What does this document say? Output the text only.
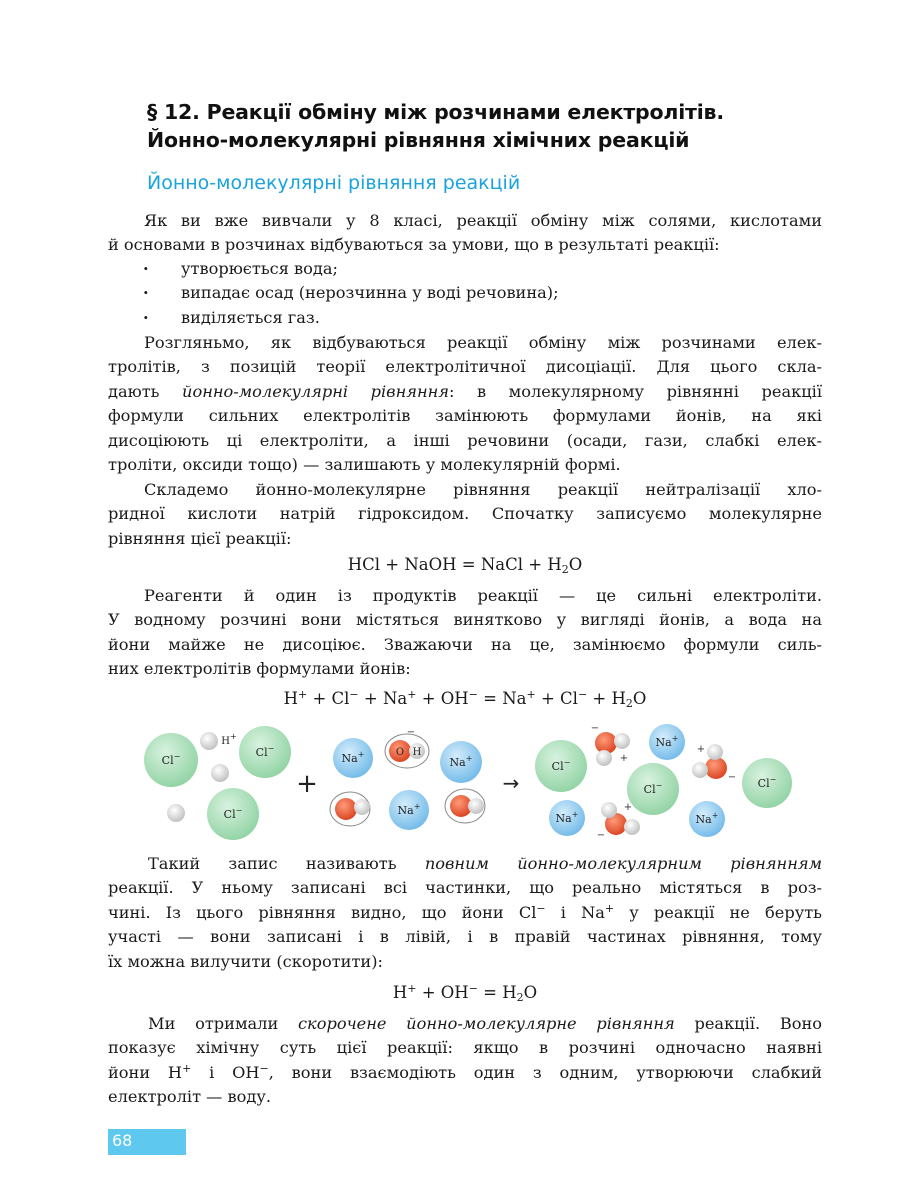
§ 12. Реакції обміну між розчинами електролітів.
Йонно-молекулярні рівняння хімічних реакцій
Йонно-молекулярні рівняння реакцій
Як ви вже вивчали у 8 класі, реакції обміну між солями, кислотами
й основами в розчинах відбуваються за умови, що в результаті реакції:
·	утворюється вода;
·	випадає осад (нерозчинна у воді речовина);
·	виділяється газ.
Розгляньмо, як відбуваються реакції обміну між розчинами елек-
тролітів, з позицій теорії електролітичної дисоціації. Для цього скла-
дають йонно-молекулярні рівняння: в молекулярному рівнянні реакції
формули сильних електролітів замінюють формулами йонів, на які
дисоціюють ці електроліти, а інші речовини (осади, гази, слабкі елек-
троліти, оксиди тощо) — залишають у молекулярній формі.
Складемо йонно-молекулярне рівняння реакції нейтралізації хло-
ридної кислоти натрій гідроксидом. Спочатку записуємо молекулярне
рівняння цієї реакції:
HCl + NaOH = NaCl + $H_2O$
Реагенти й один із продуктів реакції — це сильні електроліти.
У водному розчині вони містяться винятково у вигляді йонів, а вода на
йони майже не дисоціює. Зважаючи на це, замінюємо формули силь-
них електролітів формулами йонів:
$H^+ + Cl^- + Na^+ + OH^- = Na^+ + Cl^- + H_2O$
Cl−	Cl−
Cl−
H+
+
Na+
Na+
Na+
O H
−
→
Cl−
Cl−	Cl−
Na+
Na+	Na+
−
+
+
−
+
−
Такий запис називають повним йонно-молекулярним рівнянням
реакції. У ньому записані всі частинки, що реально містяться в роз-
чині. Із цього рівняння видно, що йони Cl− і Na+ у реакції не беруть
участі — вони записані і в лівій, і в правій частинах рівняння, тому
їх можна вилучити (скоротити):
$H^+ + OH^- = H_2O$
Ми отримали скорочене йонно-молекулярне рівняння реакції. Воно
показує хімічну суть цієї реакції: якщо в розчині одночасно наявні
йони H+ і OH−, вони взаємодіють один з одним, утворюючи слабкий
електроліт — воду.
68
